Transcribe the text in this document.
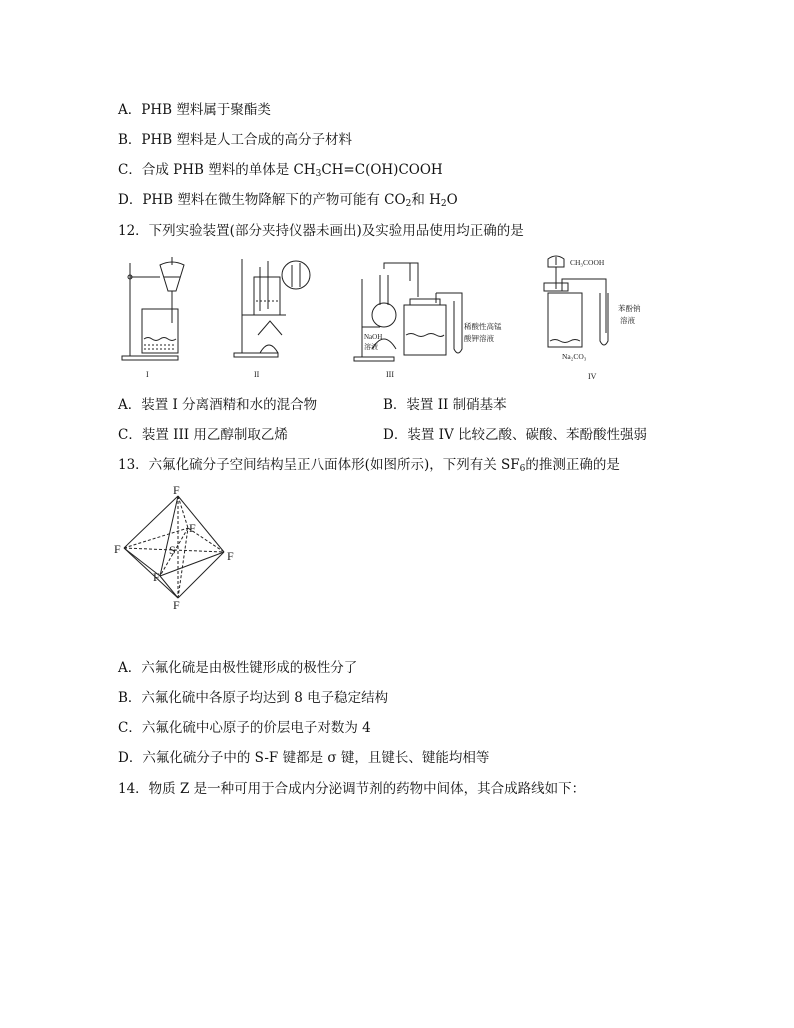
A．PHB 塑料属于聚酯类
B．PHB 塑料是人工合成的高分子材料
C．合成 PHB 塑料的单体是 $CH_3CH=C(OH)COOH$
D．PHB 塑料在微生物降解下的产物可能有 $CO_2$和 $H_2O$
12．下列实验装置(部分夹持仪器未画出)及实验用品使用均正确的是
I	II	III	IV
NaOH
溶液
稀酸性高锰
酸钾溶液
CH₃COOH
苯酚钠
溶液
Na₂CO₃
A．装置 I 分离酒精和水的混合物	B．装置 II 制硝基苯
C．装置 III 用乙醇制取乙烯	D．装置 IV 比较乙酸、碳酸、苯酚酸性强弱
13．六氟化硫分子空间结构呈正八面体形(如图所示)，下列有关 $SF_6$的推测正确的是
F
F	F
F
F
F
S
A．六氟化硫是由极性键形成的极性分了
B．六氟化硫中各原子均达到 8 电子稳定结构
C．六氟化硫中心原子的价层电子对数为 4
D．六氟化硫分子中的 S-F 键都是 σ 键，且键长、键能均相等
14．物质 Z 是一种可用于合成内分泌调节剂的药物中间体，其合成路线如下：
